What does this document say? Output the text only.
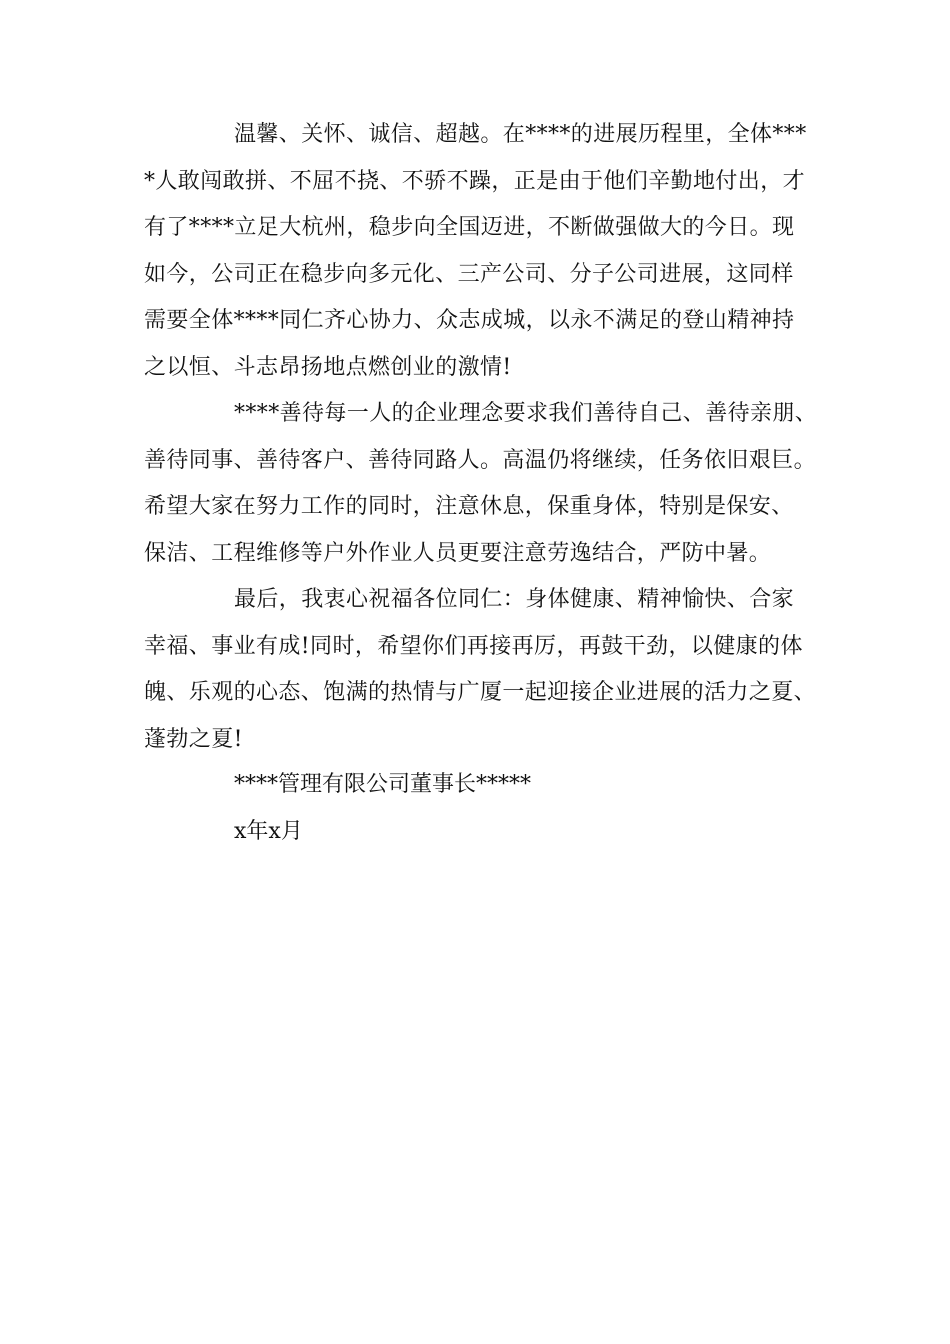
温馨、关怀、诚信、超越。在****的进展历程里，全体***
*人敢闯敢拼、不屈不挠、不骄不躁，正是由于他们辛勤地付出，才
有了****立足大杭州，稳步向全国迈进，不断做强做大的今日。现
如今，公司正在稳步向多元化、三产公司、分子公司进展，这同样
需要全体****同仁齐心协力、众志成城，以永不满足的登山精神持
之以恒、斗志昂扬地点燃创业的激情!
****善待每一人的企业理念要求我们善待自己、善待亲朋、
善待同事、善待客户、善待同路人。高温仍将继续，任务依旧艰巨。
希望大家在努力工作的同时，注意休息，保重身体，特别是保安、
保洁、工程维修等户外作业人员更要注意劳逸结合，严防中暑。
最后，我衷心祝福各位同仁：身体健康、精神愉快、合家
幸福、事业有成!同时，希望你们再接再厉，再鼓干劲，以健康的体
魄、乐观的心态、饱满的热情与广厦一起迎接企业进展的活力之夏、
蓬勃之夏!
****管理有限公司董事长*****
x年x月
